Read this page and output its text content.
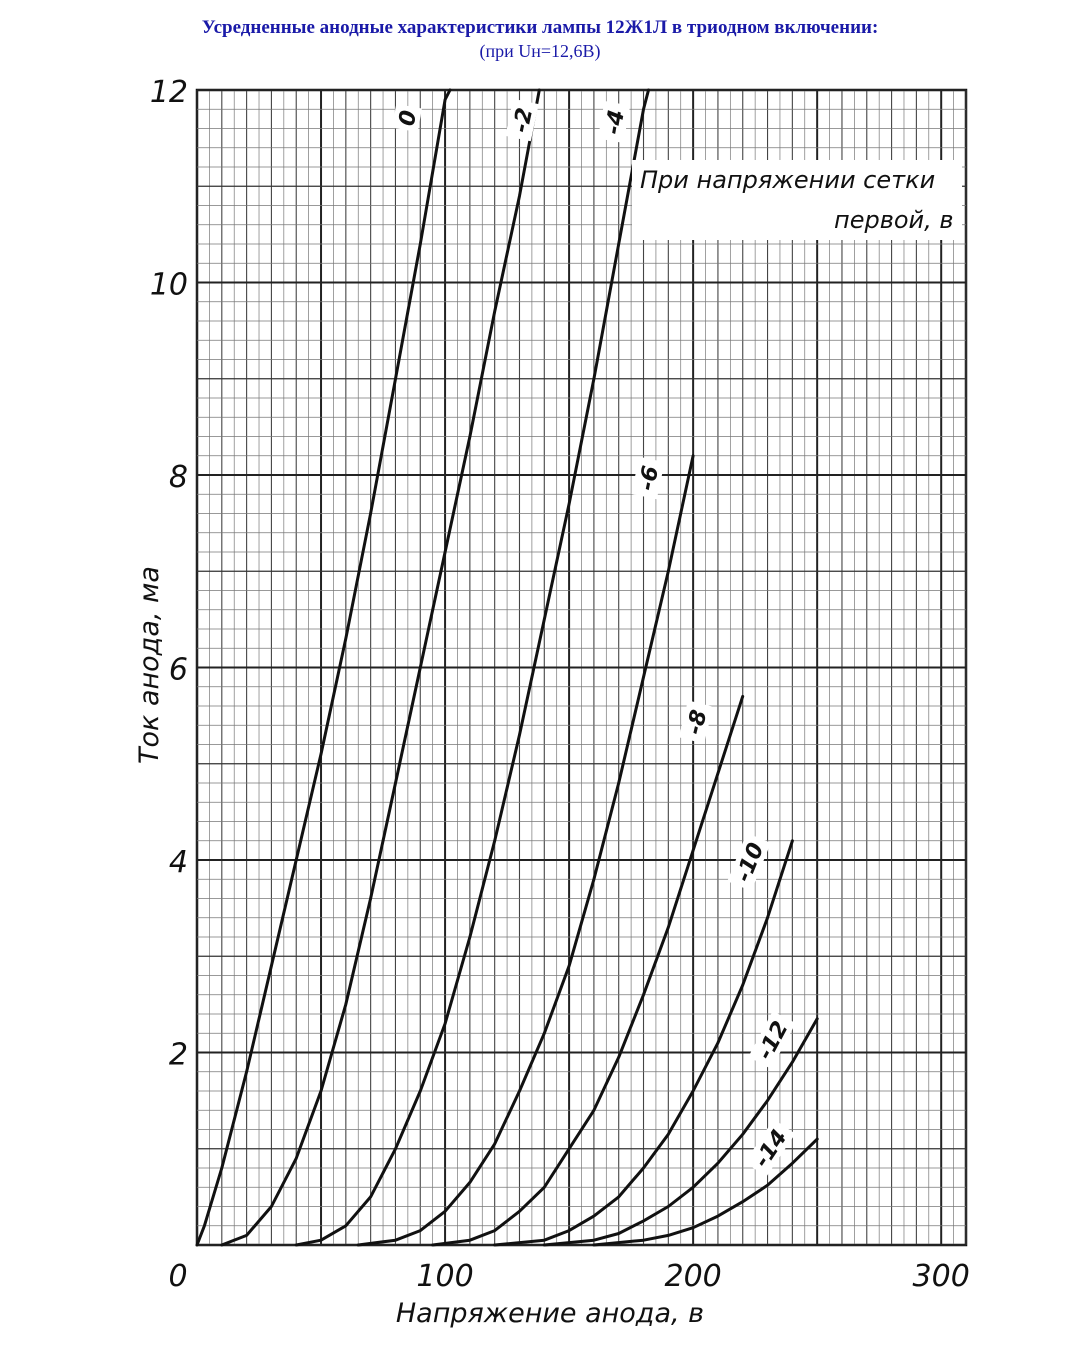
Усредненные анодные характеристики лампы 12Ж1Л в триодном включении:
(при Uн=12,6В)
0	-2	-4
-6
-8
-10
-12
-14
0	100	200	300
2
4
6
8
10
12
При напряжении сетки
первой, в
Напряжение анода, в
Ток анода, ма
